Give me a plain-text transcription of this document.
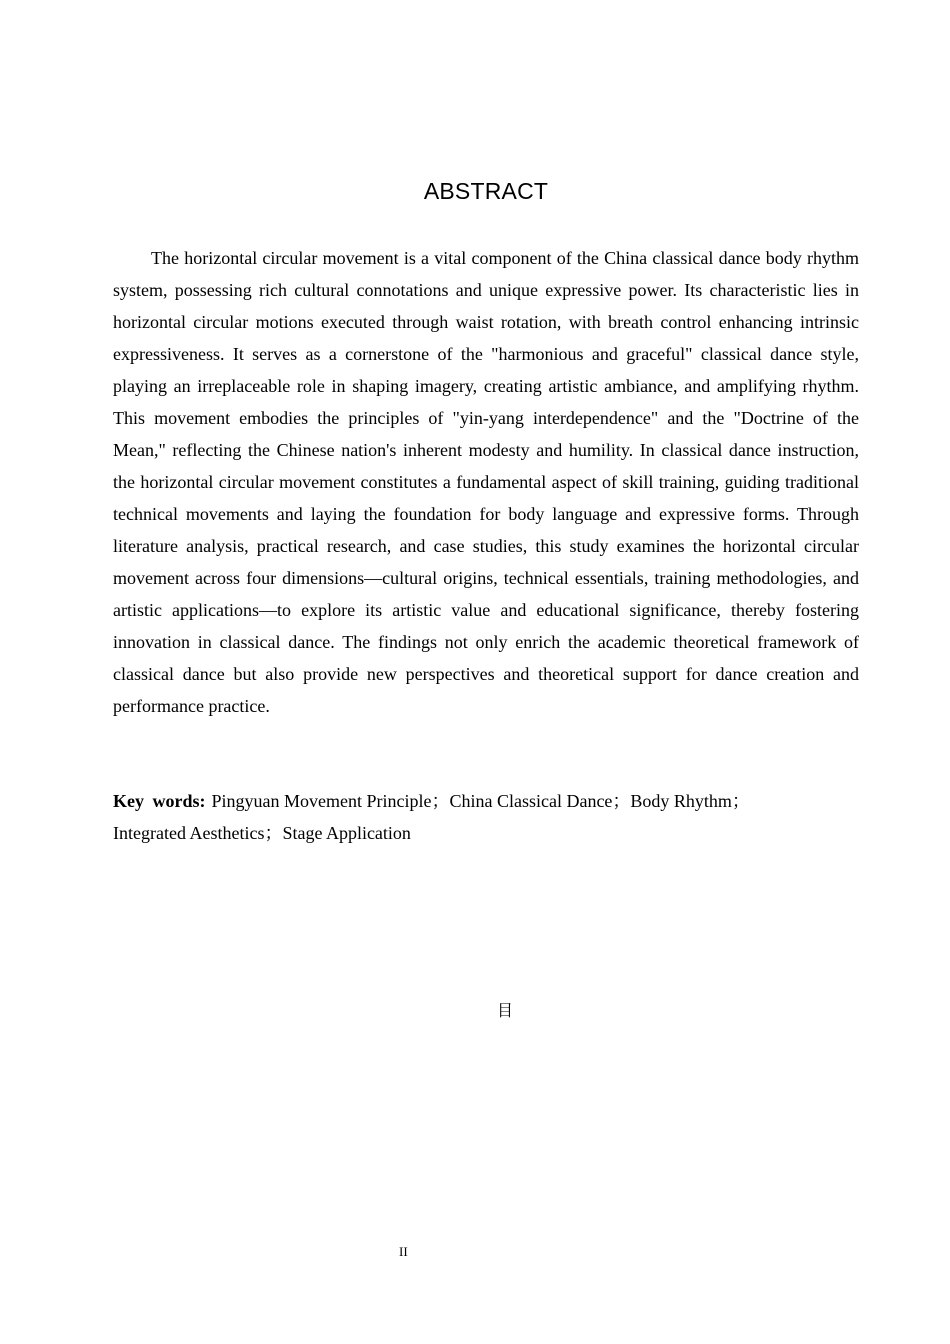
ABSTRACT

The horizontal circular movement is a vital component of the China classical dance body rhythm system, possessing rich cultural connotations and unique expressive power. Its characteristic lies in horizontal circular motions executed through waist rotation, with breath control enhancing intrinsic expressiveness. It serves as a cornerstone of the "harmonious and graceful" classical dance style, playing an irreplaceable role in shaping imagery, creating artistic ambiance, and amplifying rhythm. This movement embodies the principles of "yin-yang interdependence" and the "Doctrine of the Mean," reflecting the Chinese nation's inherent modesty and humility. In classical dance instruction, the horizontal circular movement constitutes a fundamental aspect of skill training, guiding traditional technical movements and laying the foundation for body language and expressive forms. Through literature analysis, practical research, and case studies, this study examines the horizontal circular movement across four dimensions—cultural origins, technical essentials, training methodologies, and artistic applications—to explore its artistic value and educational significance, thereby fostering innovation in classical dance. The findings not only enrich the academic theoretical framework of classical dance but also provide new perspectives and theoretical support for dance creation and performance practice.

Key words: Pingyuan Movement Principle；China Classical Dance；Body Rhythm；
Integrated Aesthetics；Stage Application
目
II
